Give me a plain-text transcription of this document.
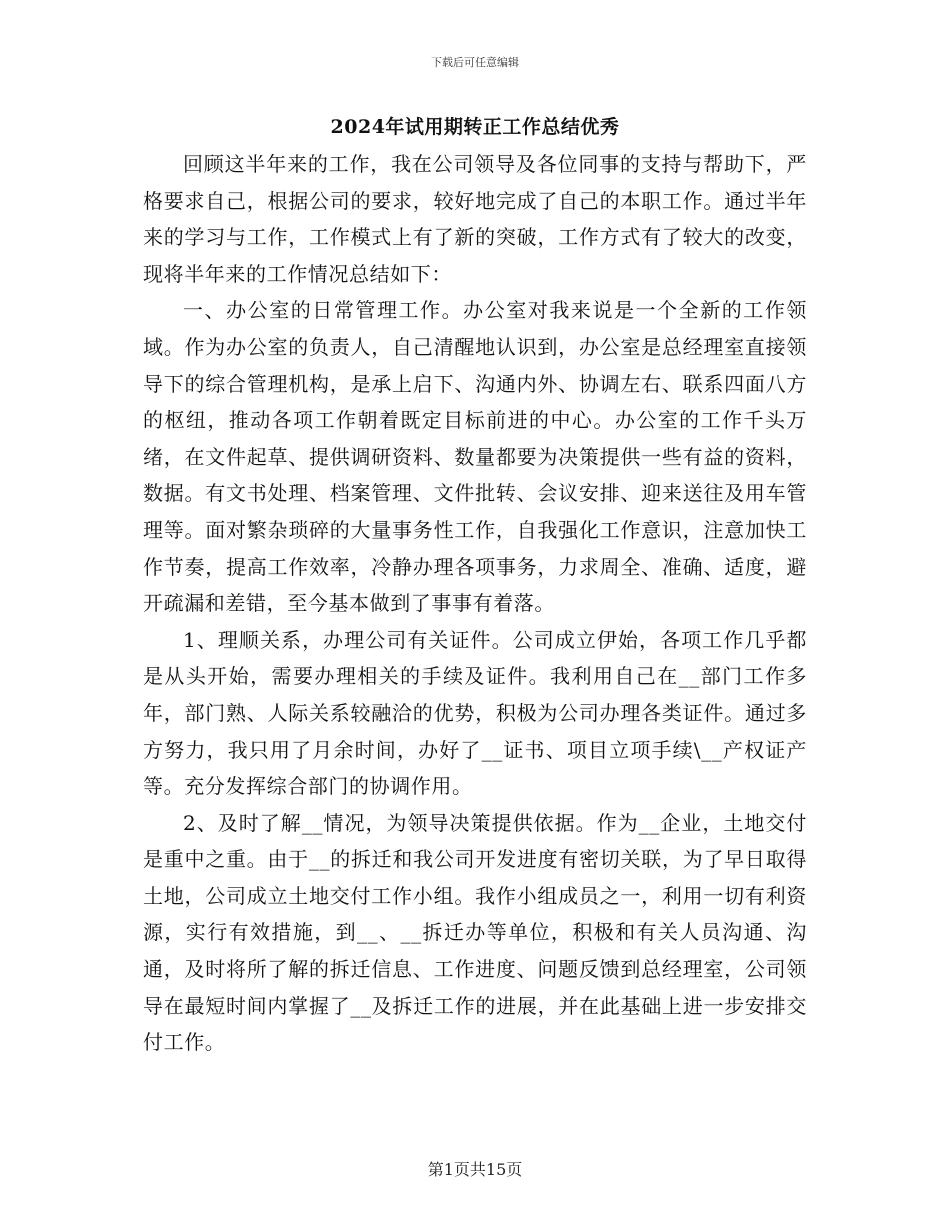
下载后可任意编辑
2024年试用期转正工作总结优秀

回顾这半年来的工作，我在公司领导及各位同事的支持与帮助下，严格要求自己，根据公司的要求，较好地完成了自己的本职工作。通过半年来的学习与工作，工作模式上有了新的突破，工作方式有了较大的改变，现将半年来的工作情况总结如下：

一、办公室的日常管理工作。办公室对我来说是一个全新的工作领域。作为办公室的负责人，自己清醒地认识到，办公室是总经理室直接领导下的综合管理机构，是承上启下、沟通内外、协调左右、联系四面八方的枢纽，推动各项工作朝着既定目标前进的中心。办公室的工作千头万绪，在文件起草、提供调研资料、数量都要为决策提供一些有益的资料，数据。有文书处理、档案管理、文件批转、会议安排、迎来送往及用车管理等。面对繁杂琐碎的大量事务性工作，自我强化工作意识，注意加快工作节奏，提高工作效率，冷静办理各项事务，力求周全、准确、适度，避开疏漏和差错，至今基本做到了事事有着落。

1、理顺关系，办理公司有关证件。公司成立伊始，各项工作几乎都是从头开始，需要办理相关的手续及证件。我利用自己在__部门工作多年，部门熟、人际关系较融洽的优势，积极为公司办理各类证件。通过多方努力，我只用了月余时间，办好了__证书、项目立项手续\__产权证产等。充分发挥综合部门的协调作用。

2、及时了解__情况，为领导决策提供依据。作为__企业，土地交付是重中之重。由于__的拆迁和我公司开发进度有密切关联，为了早日取得土地，公司成立土地交付工作小组。我作小组成员之一，利用一切有利资源，实行有效措施，到__、__拆迁办等单位，积极和有关人员沟通、沟通，及时将所了解的拆迁信息、工作进度、问题反馈到总经理室，公司领导在最短时间内掌握了__及拆迁工作的进展，并在此基础上进一步安排交付工作。

第1页共15页
